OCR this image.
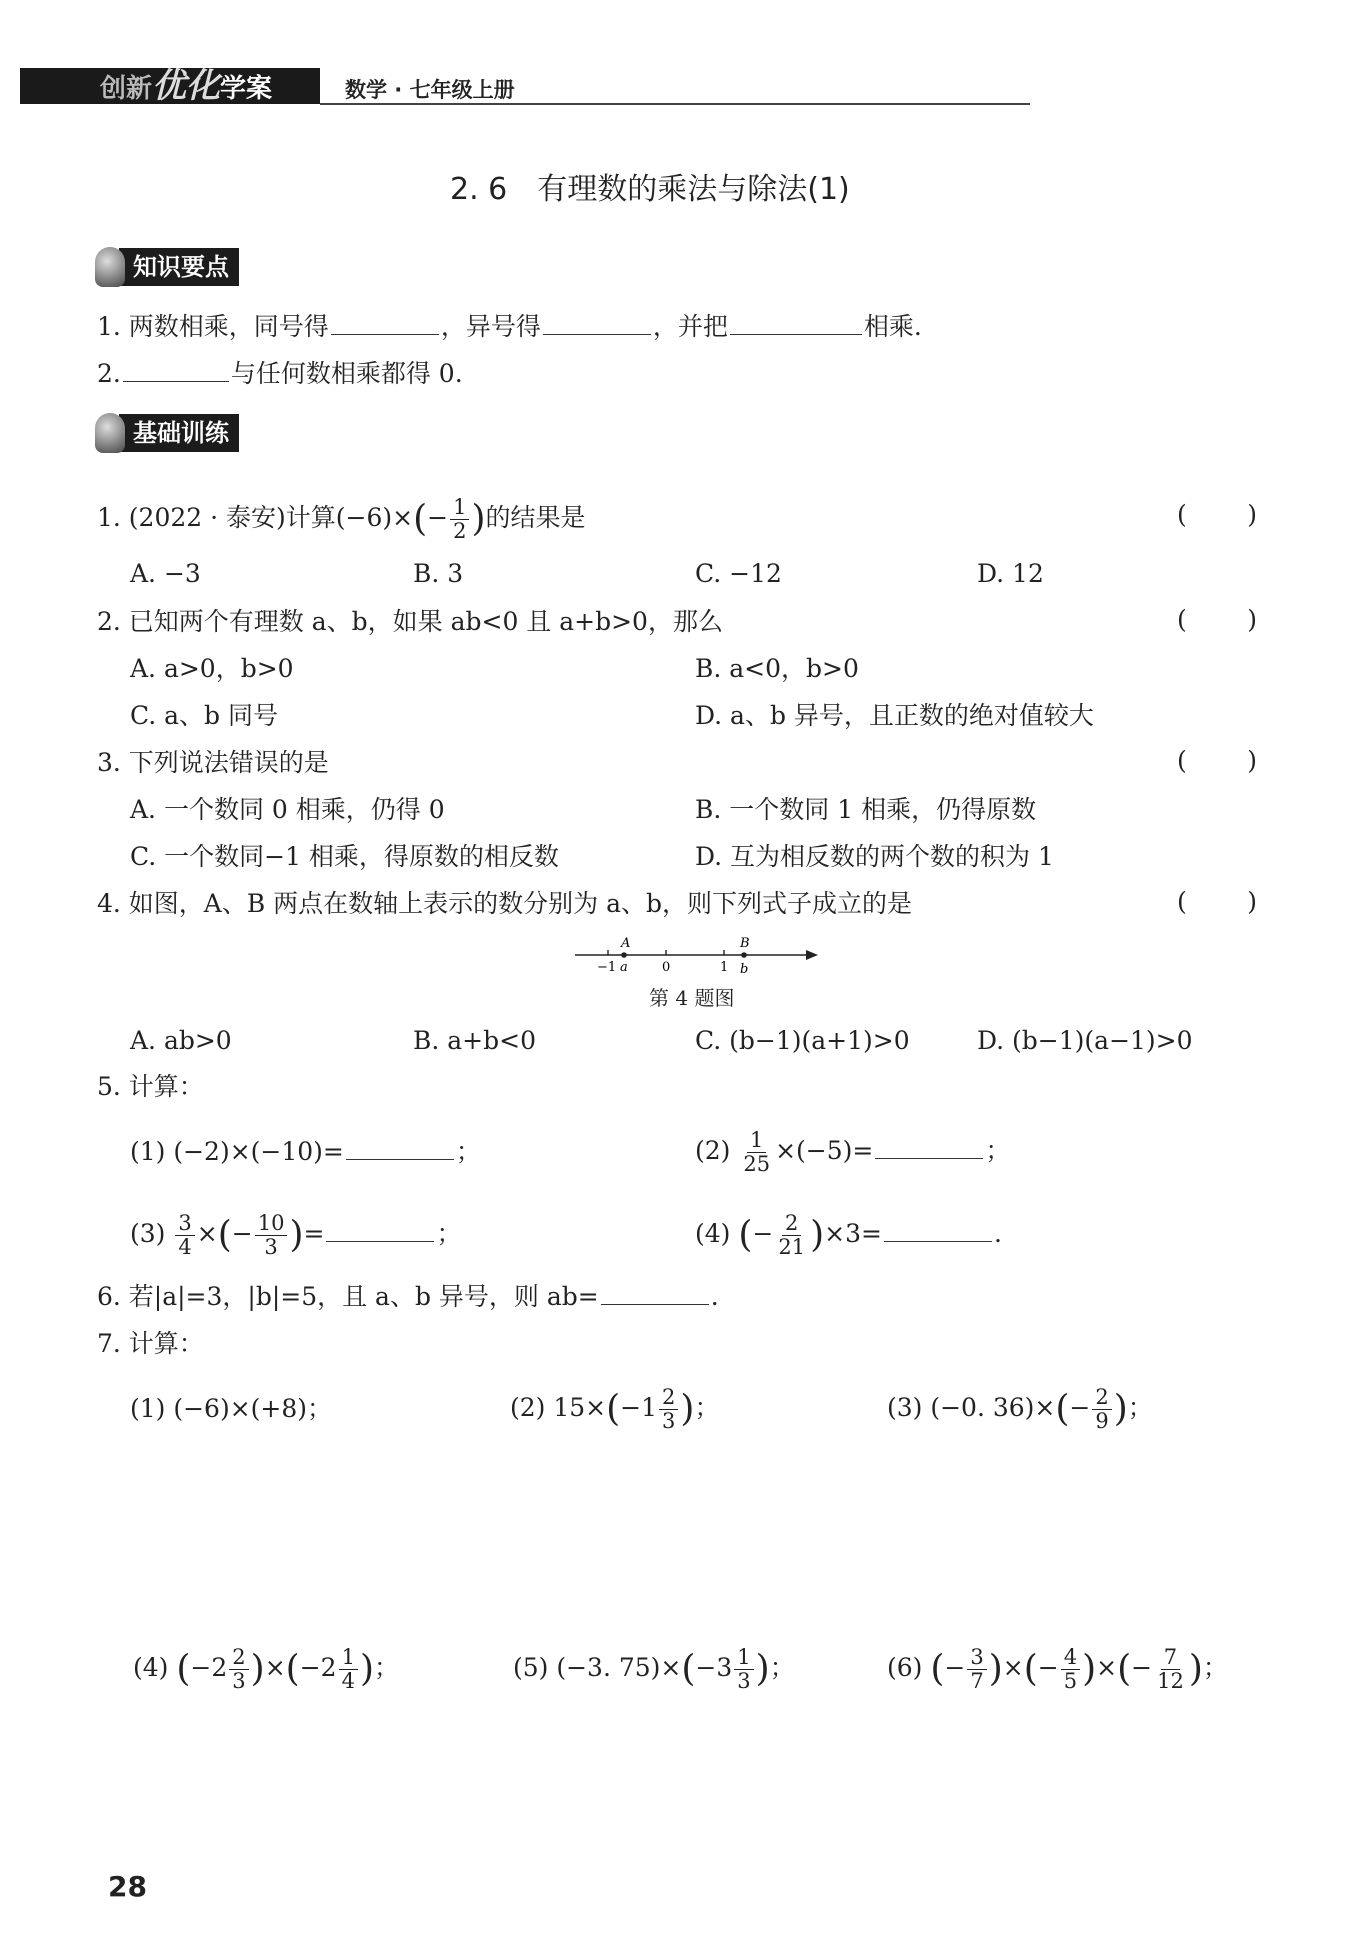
创新优化学案	数学 · 七年级上册
2. 6　有理数的乘法与除法(1)
知识要点
1. 两数相乘，同号得	，异号得	，并把	相乘.
2.	与任何数相乘都得 0.
基础训练
1. (2022 · 泰安)计算$(-6)\times(- \frac{1}{2}$ )的结果是	( )
A. −3	B. 3	C. −12	D. 12
2. 已知两个有理数 a、b，如果 ab<0 且 a+b>0，那么	( )
A. a>0，b>0	B. a<0，b>0
C. a、b 同号	D. a、b 异号，且正数的绝对值较大
3. 下列说法错误的是	( )
A. 一个数同 0 相乘，仍得 0	B. 一个数同 1 相乘，仍得原数
C. 一个数同−1 相乘，得原数的相反数	D. 互为相反数的两个数的积为 1
4. 如图，A、B 两点在数轴上表示的数分别为 a、b，则下列式子成立的是	( )
A	B
−1 a	0	1 b
第 4 题图
A. ab>0	B. a+b<0	C. (b−1)(a+1)>0	D. (b−1)(a−1)>0
5. 计算：
(1) (−2)×(−10)=	；	$(2) \frac{1}{25} \times(-5)=$	；
$(3) \frac{3}{4}$ ×(− $\frac{10}{3}$ )=	；	(4) (− $\frac{2}{21} )\times 3=$	.
6. 若|a|=3，|b|=5，且 a、b 异号，则 ab=	.
7. 计算：
(1) (−6)×(+8)；	(2) $15\times(-1 \frac{2}{3}$ )；	(3) (−0. $36)\times(- \frac{2}{9}$ )；
(4) $(-2 \frac{2}{3} )\times(-2 \frac{1}{4}$ )；	(5) (−3. $75)\times(-3 \frac{1}{3}$ )；	(6) (− $\frac{3}{7}$ )×(− $\frac{4}{5}$ )×(− $\frac{7}{12}$ )；
28
